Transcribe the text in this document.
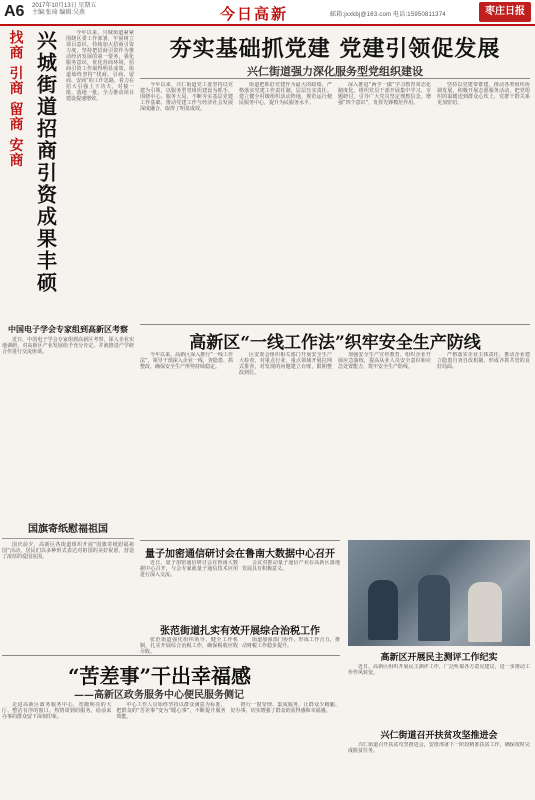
A6 2017年10月13日 星期五
主编:张琦 编辑:吴燕	今日高新	邮箱:jxxkbj@163.com 电话:15950811374	枣庄日报
找商 引商 留商 安商 兴城街道招商引资成果丰硕	今年以来，兴城街道紧紧围绕区委工作部署，牢固树立项目意识，持续加大招商引资力度，坚持把招商引资作为推动经济发展的第一要务，强化服务意识，优化营商环境，招商引资工作取得明显成效。街道始终坚持“找商、引商、留商、安商”的工作思路，着力在招大引强上下功夫，对接一批、落地一批，全力推动项目建设提速增效。

中国电子学会专家组到高新区考察

近日，中国电子学会专家组到高新区考察，深入企业实地调研，对高新区产业发展给予充分肯定，并就推进产学研合作进行交流座谈。

国旗寄纸慰福祖国

国庆前夕，高新区各街道组织开展“国旗寄纸慰福祖国”活动，居民们以多种形式表达对祖国的美好祝愿，营造了浓厚的爱国氛围。

夯实基础抓党建 党建引领促发展
兴仁街道强力深化服务型党组织建设

今年以来，兴仁街道党工委坚持以党建为引领，以服务型党组织建设为抓手，围绕中心、服务大局，不断夯实基层党建工作基础，推动党建工作与经济社会发展深度融合，取得了明显成效。

街道把抓好党建作为最大的政绩，严格落实党建工作责任制，层层压实责任。建立健全村级组织活动阵地，规范运行便民服务中心，提升为民服务水平。

深入推进“两学一做”学习教育常态化制度化，组织党员干部开展集中学习、专题研讨，引导广大党员坚定理想信念，增强“四个意识”，发挥先锋模范作用。

坚持以党建带群建，推动各类组织协调发展，积极开展志愿服务活动，把党组织的温暖送到群众心坎上，党群干群关系更加密切。

高新区“一线工作法”织牢安全生产防线

今年以来，高新区深入推行“一线工作法”，领导干部深入企业一线，查隐患、抓整改，确保安全生产形势持续稳定。

区安委会组织相关部门开展安全生产大检查，对重点行业、重点领域开展拉网式排查，对发现的问题建立台账，限期整改到位。

加强安全生产宣传教育，组织企业开展应急演练，提高从业人员安全意识和应急处置能力，筑牢安全生产防线。

严格落实企业主体责任，推动企业建立隐患自查自改机制，形成齐抓共管的良好局面。

量子加密通信研讨会在鲁南大数据中心召开

近日，量子加密通信研讨会在鲁南大数据中心召开，与会专家就量子通信技术应用进行深入交流。

会议对推动量子通信产业在高新区落地发展具有积极意义。

张范街道扎实有效开展综合治税工作

张范街道强化组织领导，健全工作机制，扎实开展综合治税工作，确保税收应收尽收。

街道加强部门协作，形成工作合力，推动财税工作稳步提升。

高新区开展民主测评工作纪实

近日，高新区组织开展民主测评工作，广泛听取各方意见建议，进一步推动工作作风转变。

兴仁街道召开扶贫攻坚推进会

兴仁街道召开扶贫攻坚推进会，安排部署下一阶段精准扶贫工作，确保按时完成脱贫任务。

“苦差事”干出幸福感
——高新区政务服务中心便民服务侧记

走进高新区政务服务中心，宽敞明亮的大厅、整洁有序的窗口、热情周到的服务，给前来办事的群众留下深刻印象。

中心工作人员始终坚持以群众满意为标准，把群众的“苦差事”变为“暖心事”，不断提升服务效能。

推行一窗受理、集成服务，让群众少跑腿、好办事，切实增强了群众的获得感和幸福感。
